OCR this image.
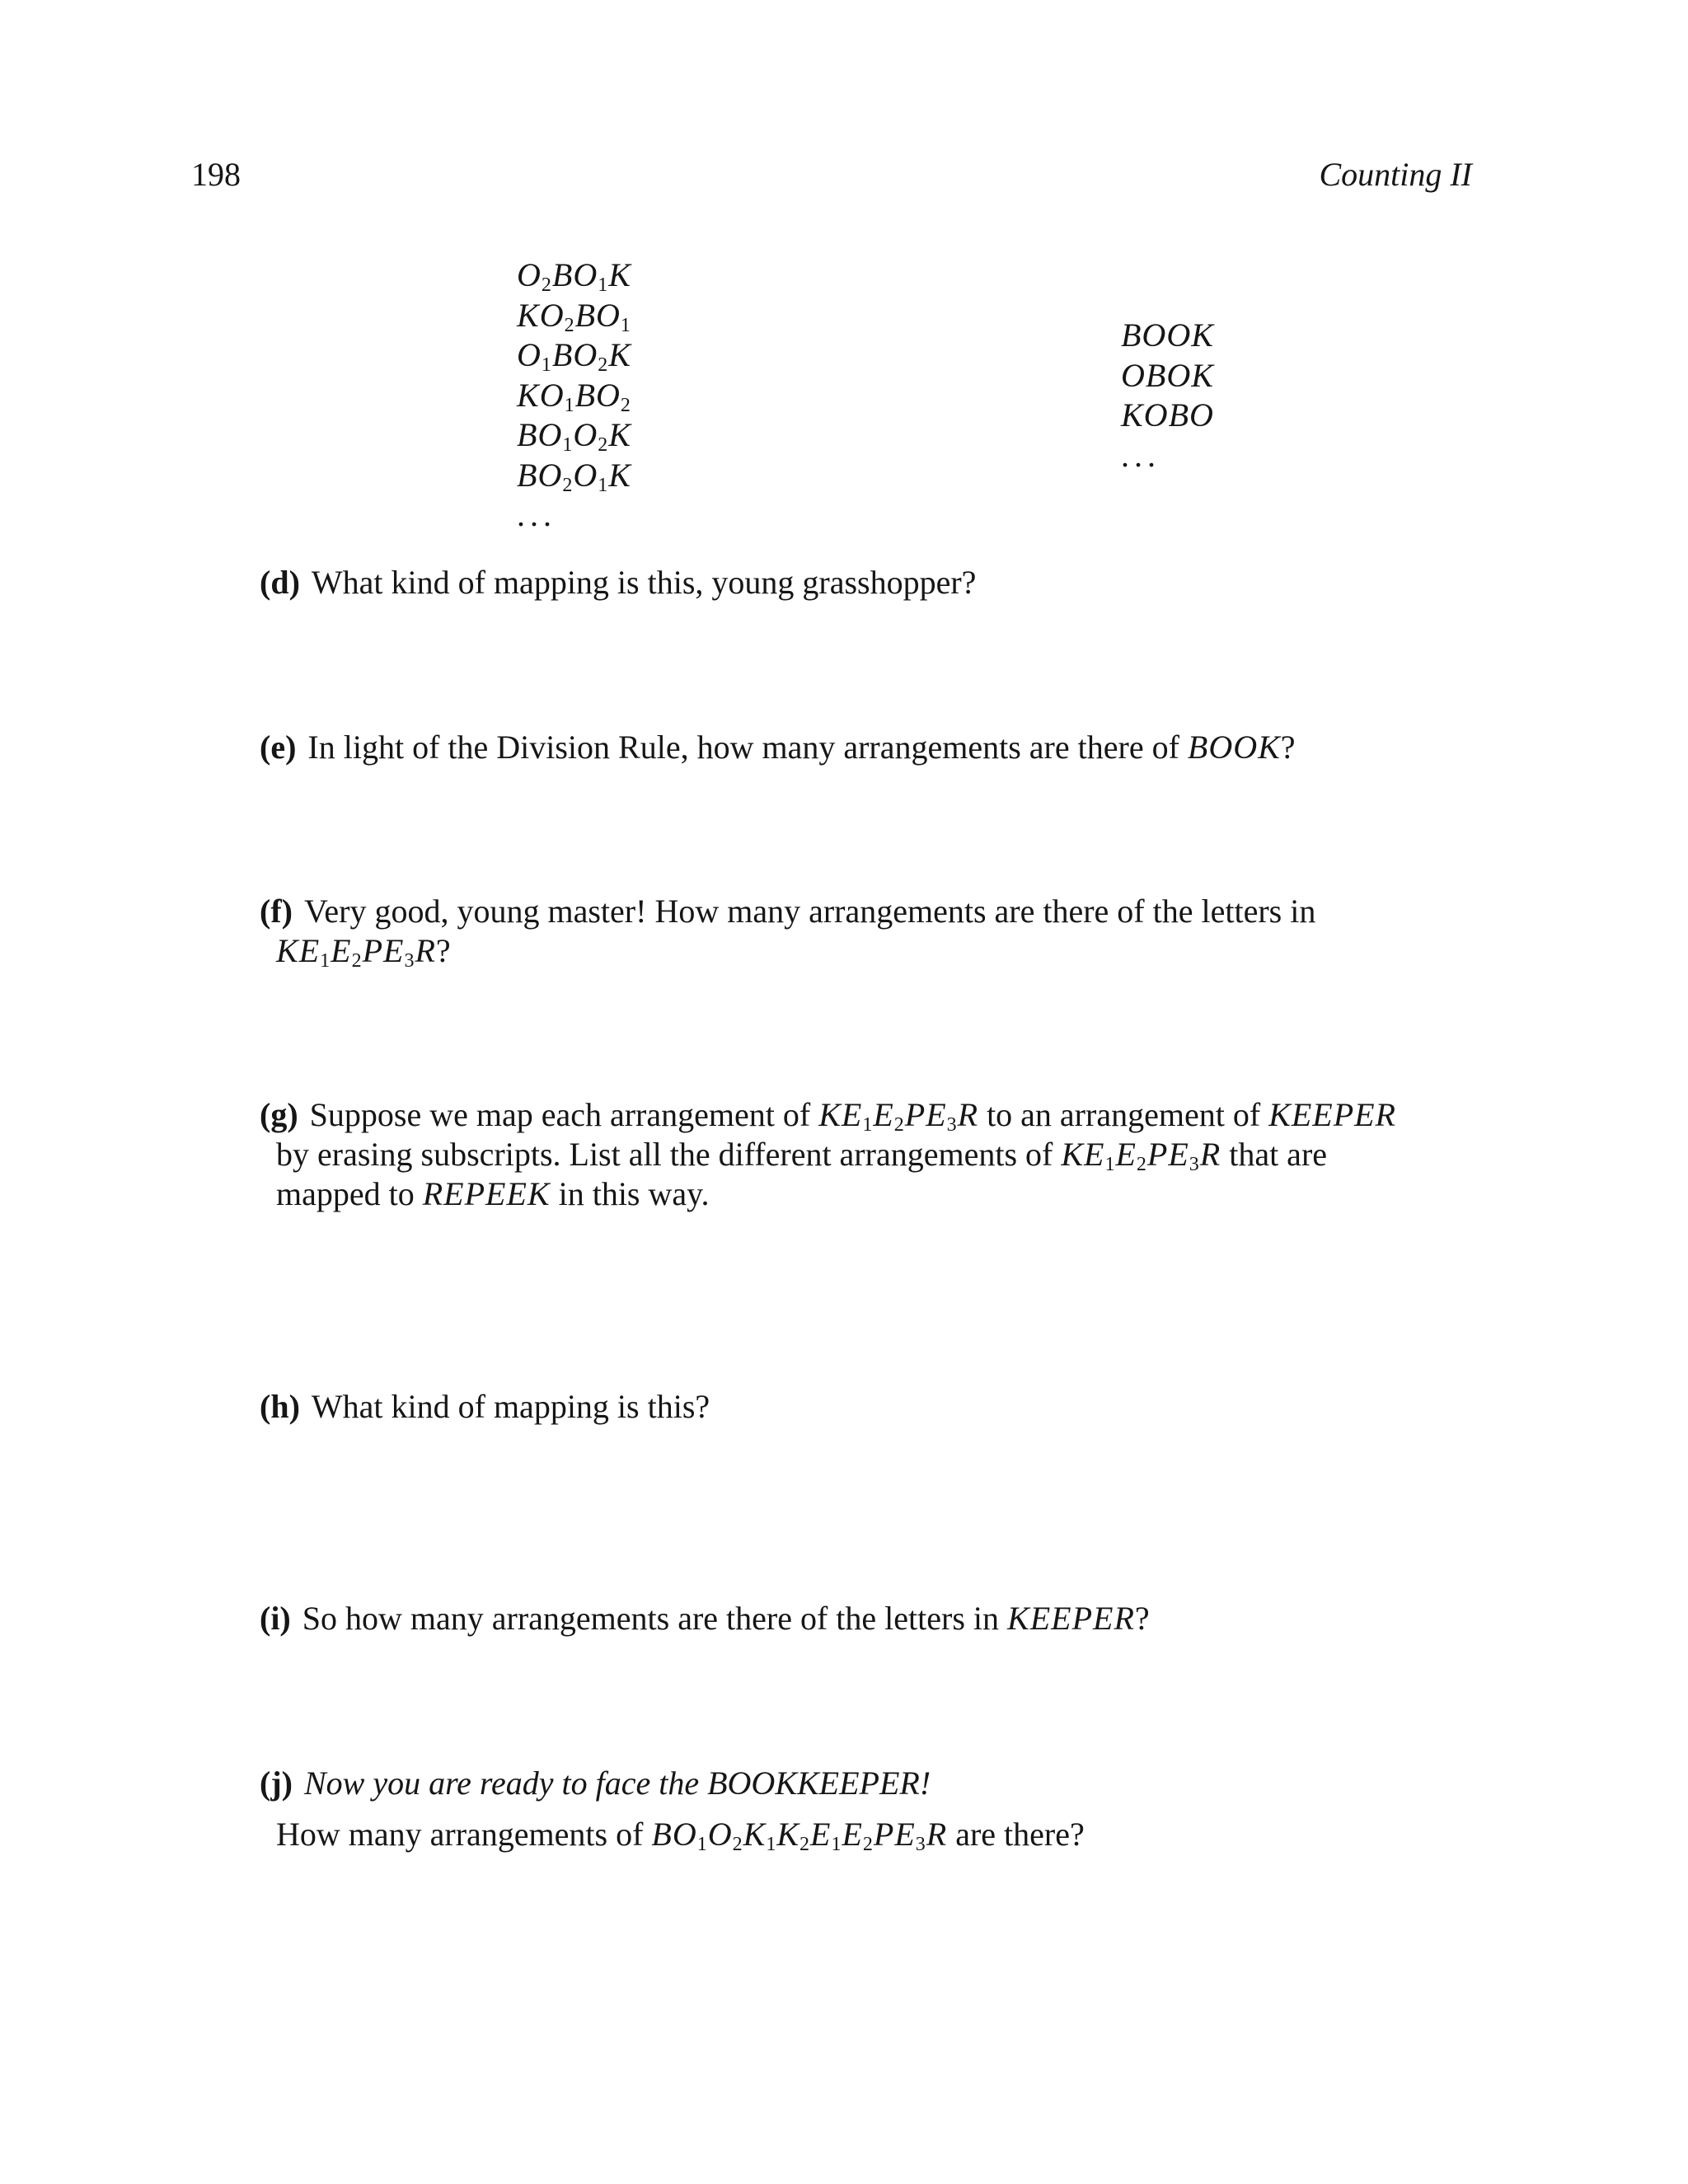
198	Counting II
$O_2BO_1K$
$KO_2BO_1$
$O_1BO_2K$
$KO_1BO_2$
$BO_1O_2K$
$BO_2O_1K$
...
BOOK
OBOK
KOBO
...
(d) What kind of mapping is this, young grasshopper?
(e) In light of the Division Rule, how many arrangements are there of BOOK?
(f) Very good, young master! How many arrangements are there of the letters in
$KE_1E_2PE_3R$?
(g) Suppose we map each arrangement of $KE_1E_2PE_3R$ to an arrangement of KEEPER
by erasing subscripts. List all the different arrangements of $KE_1E_2PE_3R$ that are
mapped to REPEEK in this way.
(h) What kind of mapping is this?
(i) So how many arrangements are there of the letters in KEEPER?
(j) Now you are ready to face the BOOKKEEPER!
How many arrangements of $BO_1O_2K_1K_2E_1E_2PE_3R$ are there?
